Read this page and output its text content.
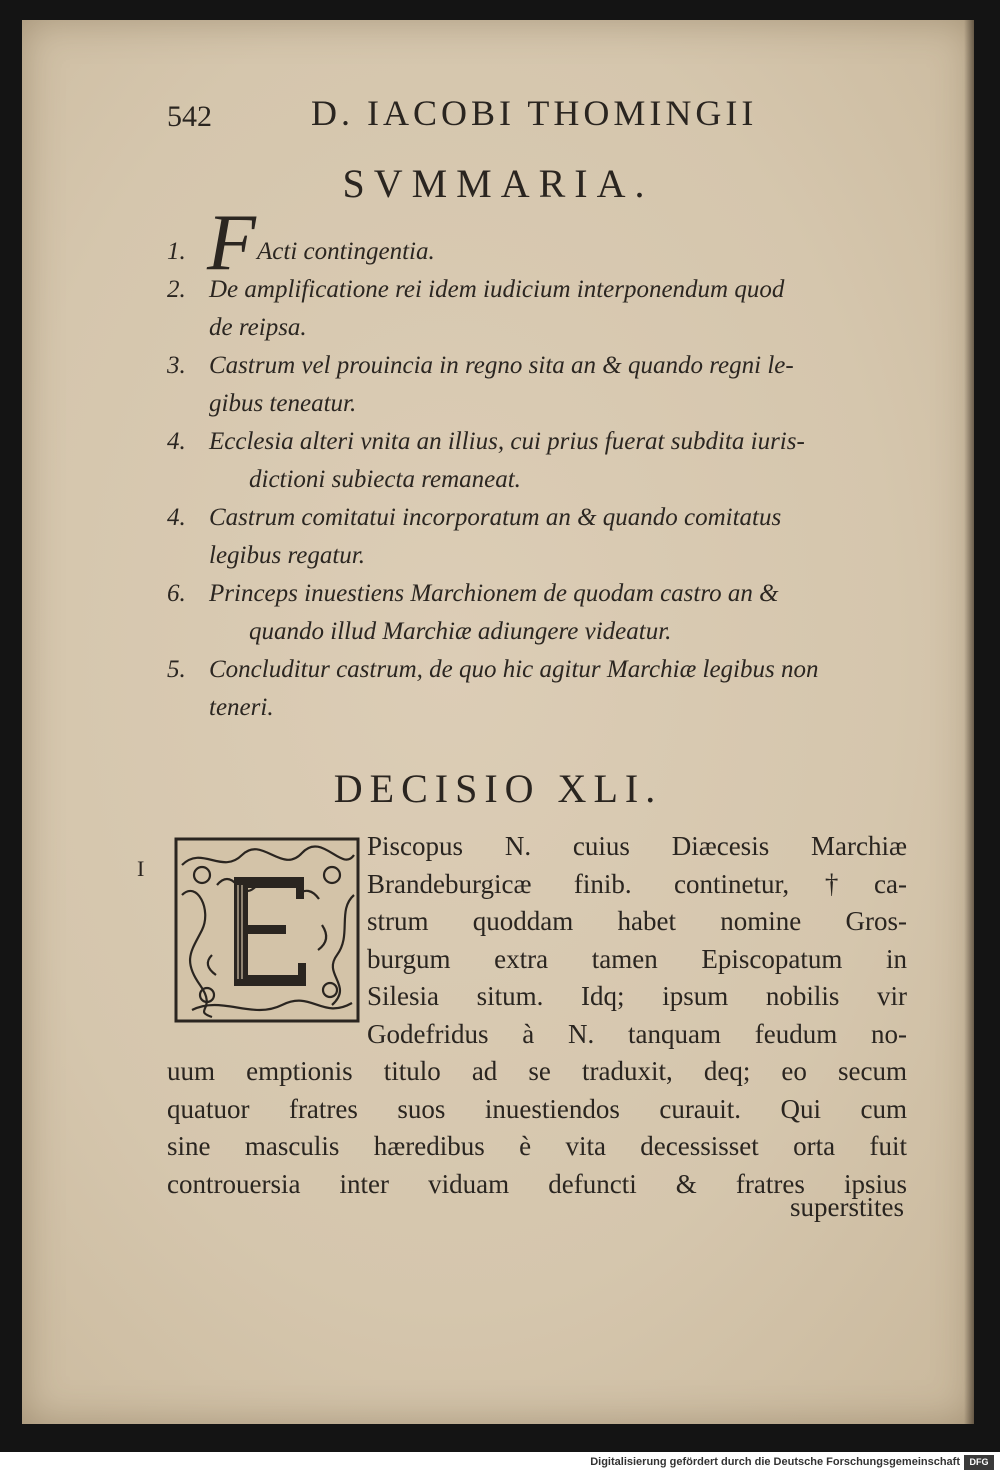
542	D. IACOBI THOMINGII
SVMMARIA.
1. F Acti contingentia.
2. De amplificatione rei idem iudicium interponendum quod
de reipsa.
3. Castrum vel prouincia in regno sita an & quando regni le-
gibus teneatur.
4. Ecclesia alteri vnita an illius, cui prius fuerat subdita iuris-
dictioni subiecta remaneat.
4. Castrum comitatui incorporatum an & quando comitatus
legibus regatur.
6. Princeps inuestiens Marchionem de quodam castro an &
quando illud Marchiæ adiungere videatur.
5. Concluditur castrum, de quo hic agitur Marchiæ legibus non
teneri.
DECISIO XLI.
I
Piscopus N. cuius Diæcesis Marchiæ
Brandeburgicæ finib. continetur,†ca-
strum quoddam habet nomine Gros-
burgum extra tamen Episcopatum in
Silesia situm. Idq; ipsum nobilis vir
Godefridus à N. tanquam feudum no-
uum emptionis titulo ad se traduxit, deq; eo secum
quatuor fratres suos inuestiendos curauit. Qui cum
sine masculis hæredibus è vita decessisset orta fuit
controuersia inter viduam defuncti & fratres ipsius
superstites
Digitalisierung gefördert durch die Deutsche Forschungsgemeinschaft	DFG
